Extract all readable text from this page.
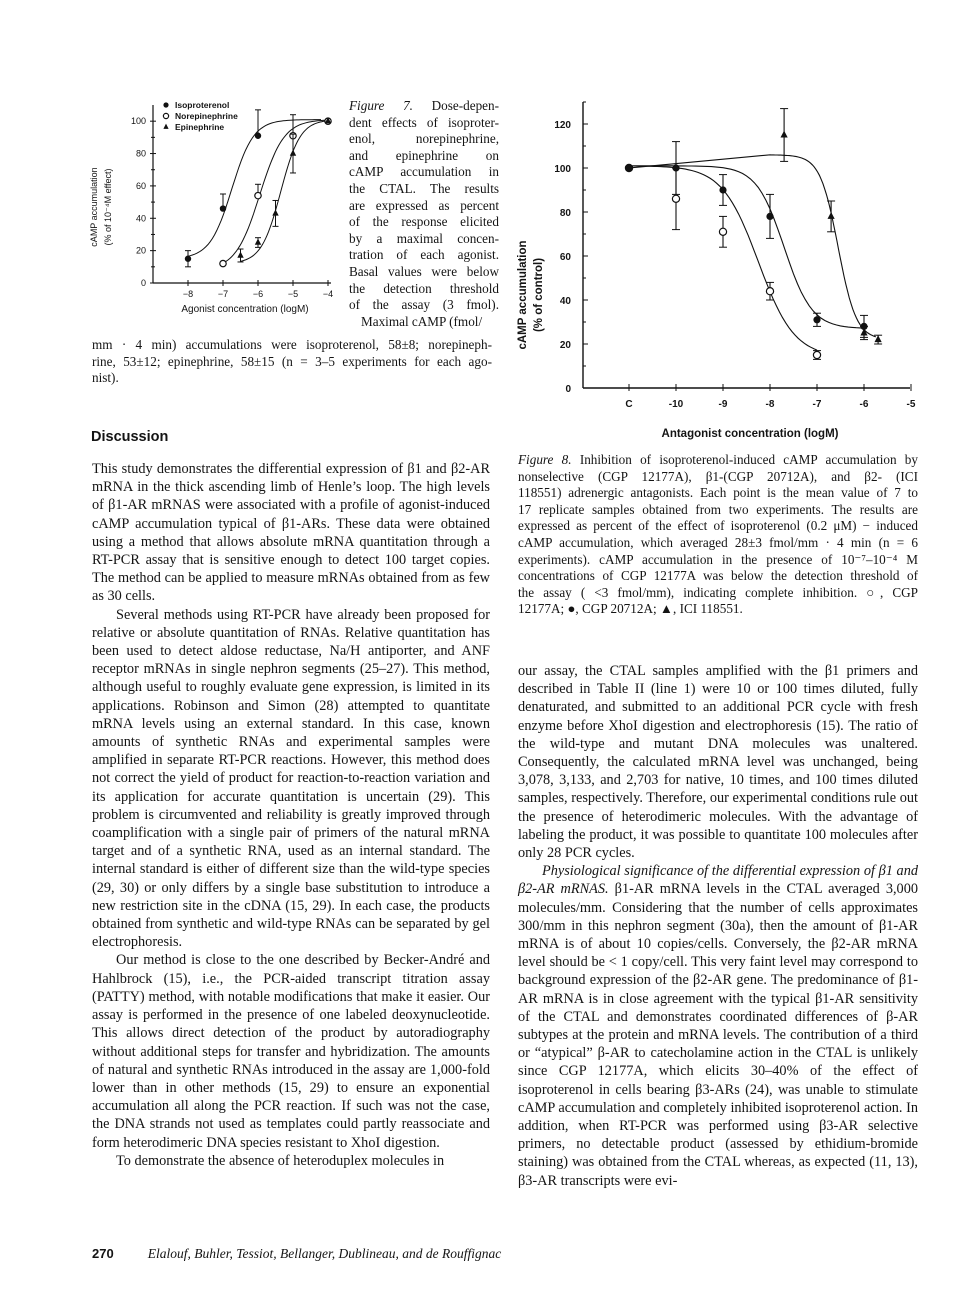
0
20
40
60
80
100
−8	−7	−6	−5	−4
Isoproterenol
Norepinephrine
Epinephrine
cAMP accumulation (% of 10⁻⁴M effect)
Agonist concentration (logM)
Figure 7. Dose-depen-
dent effects of isoproter-
enol, norepinephrine,
and epinephrine on
cAMP accumulation in
the CTAL. The results
are expressed as percent
of the response elicited
by a maximal concen-
tration of each agonist.
Basal values were below
the detection threshold
of the assay (3 fmol).
Maximal cAMP (fmol/
mm · 4 min) accumulations were isoproterenol, 58±8; norepineph-
rine, 53±12; epinephrine, 58±15 (n = 3–5 experiments for each ago-
nist).
0
20
40
60
80
100
120
C	-10	-9	-8	-7	-6	-5
cAMP accumulation (% of control)
Antagonist concentration (logM)
Figure 8. Inhibition of isoproterenol-induced cAMP accumulation by
nonselective (CGP 12177A), β1-(CGP 20712A), and β2- (ICI
118551) adrenergic antagonists. Each point is the mean value of 7 to
17 replicate samples obtained from two experiments. The results are
expressed as percent of the effect of isoproterenol (0.2 μM) − induced
cAMP accumulation, which averaged 28±3 fmol/mm · 4 min (n = 6
experiments). cAMP accumulation in the presence of 10⁻⁷–10⁻⁴ M
concentrations of CGP 12177A was below the detection threshold of
the assay ( <3 fmol/mm), indicating complete inhibition. ○, CGP
12177A; ●, CGP 20712A; ▲, ICI 118551.
Discussion

This study demonstrates the differential expression of β1 and β2-AR mRNA in the thick ascending limb of Henle’s loop. The high levels of β1-AR mRNAS were associated with a profile of agonist-induced cAMP accumulation typical of β1-ARs. These data were obtained using a method that allows absolute mRNA quantitation through a RT-PCR assay that is sensitive enough to detect 100 target copies. The method can be applied to measure mRNAs obtained from as few as 30 cells.

Several methods using RT-PCR have already been proposed for relative or absolute quantitation of RNAs. Relative quantitation has been used to detect aldose reductase, Na/H antiporter, and ANF receptor mRNAs in single nephron segments (25–27). This method, although useful to roughly evaluate gene expression, is limited in its applications. Robinson and Simon (28) attempted to quantitate mRNA levels using an external standard. In this case, known amounts of synthetic RNAs and experimental samples were amplified in separate RT-PCR reactions. However, this method does not correct the yield of product for reaction-to-reaction variation and its application for accurate quantitation is uncertain (29). This problem is circumvented and reliability is greatly improved through coamplification with a single pair of primers of the natural mRNA target and of a synthetic RNA, used as an internal standard. The internal standard is either of different size than the wild-type species (29, 30) or only differs by a single base substitution to introduce a new restriction site in the cDNA (15, 29). In each case, the products obtained from synthetic and wild-type RNAs can be separated by gel electrophoresis.

Our method is close to the one described by Becker-André and Hahlbrock (15), i.e., the PCR-aided transcript titration assay (PATTY) method, with notable modifications that make it easier. Our assay is performed in the presence of one labeled deoxynucleotide. This allows direct detection of the product by autoradiography without additional steps for transfer and hybridization. The amounts of natural and synthetic RNAs introduced in the assay are 1,000-fold lower than in other methods (15, 29) to ensure an exponential accumulation all along the PCR reaction. If such was not the case, the DNA strands not used as templates could partly reassociate and form heterodimeric DNA species resistant to XhoI digestion.

To demonstrate the absence of heteroduplex molecules in

our assay, the CTAL samples amplified with the β1 primers and described in Table II (line 1) were 10 or 100 times diluted, fully denaturated, and submitted to an additional PCR cycle with fresh enzyme before XhoI digestion and electrophoresis (15). The ratio of the wild-type and mutant DNA molecules was unaltered. Consequently, the calculated mRNA level was unchanged, being 3,078, 3,133, and 2,703 for native, 10 times, and 100 times diluted samples, respectively. Therefore, our experimental conditions rule out the presence of heterodimeric molecules. With the advantage of labeling the product, it was possible to quantitate 100 molecules after only 28 PCR cycles.

Physiological significance of the differential expression of β1 and β2-AR mRNAS. β1-AR mRNA levels in the CTAL averaged 3,000 molecules/mm. Considering that the number of cells approximates 300/mm in this nephron segment (30a), then the amount of β1-AR mRNA is of about 10 copies/cells. Conversely, the β2-AR mRNA level should be < 1 copy/cell. This very faint level may correspond to background expression of the β2-AR gene. The predominance of β1-AR mRNA is in close agreement with the typical β1-AR sensitivity of the CTAL and demonstrates coordinated differences of β-AR subtypes at the protein and mRNA levels. The contribution of a third or “atypical” β-AR to catecholamine action in the CTAL is unlikely since CGP 12177A, which elicits 30–40% of the effect of isoproterenol in cells bearing β3-ARs (24), was unable to stimulate cAMP accumulation and completely inhibited isoproterenol action. In addition, when RT-PCR was performed using β3-AR selective primers, no detectable product (assessed by ethidium-bromide staining) was obtained from the CTAL whereas, as expected (11, 13), β3-AR transcripts were evi-

270	Elalouf, Buhler, Tessiot, Bellanger, Dublineau, and de Rouffignac
